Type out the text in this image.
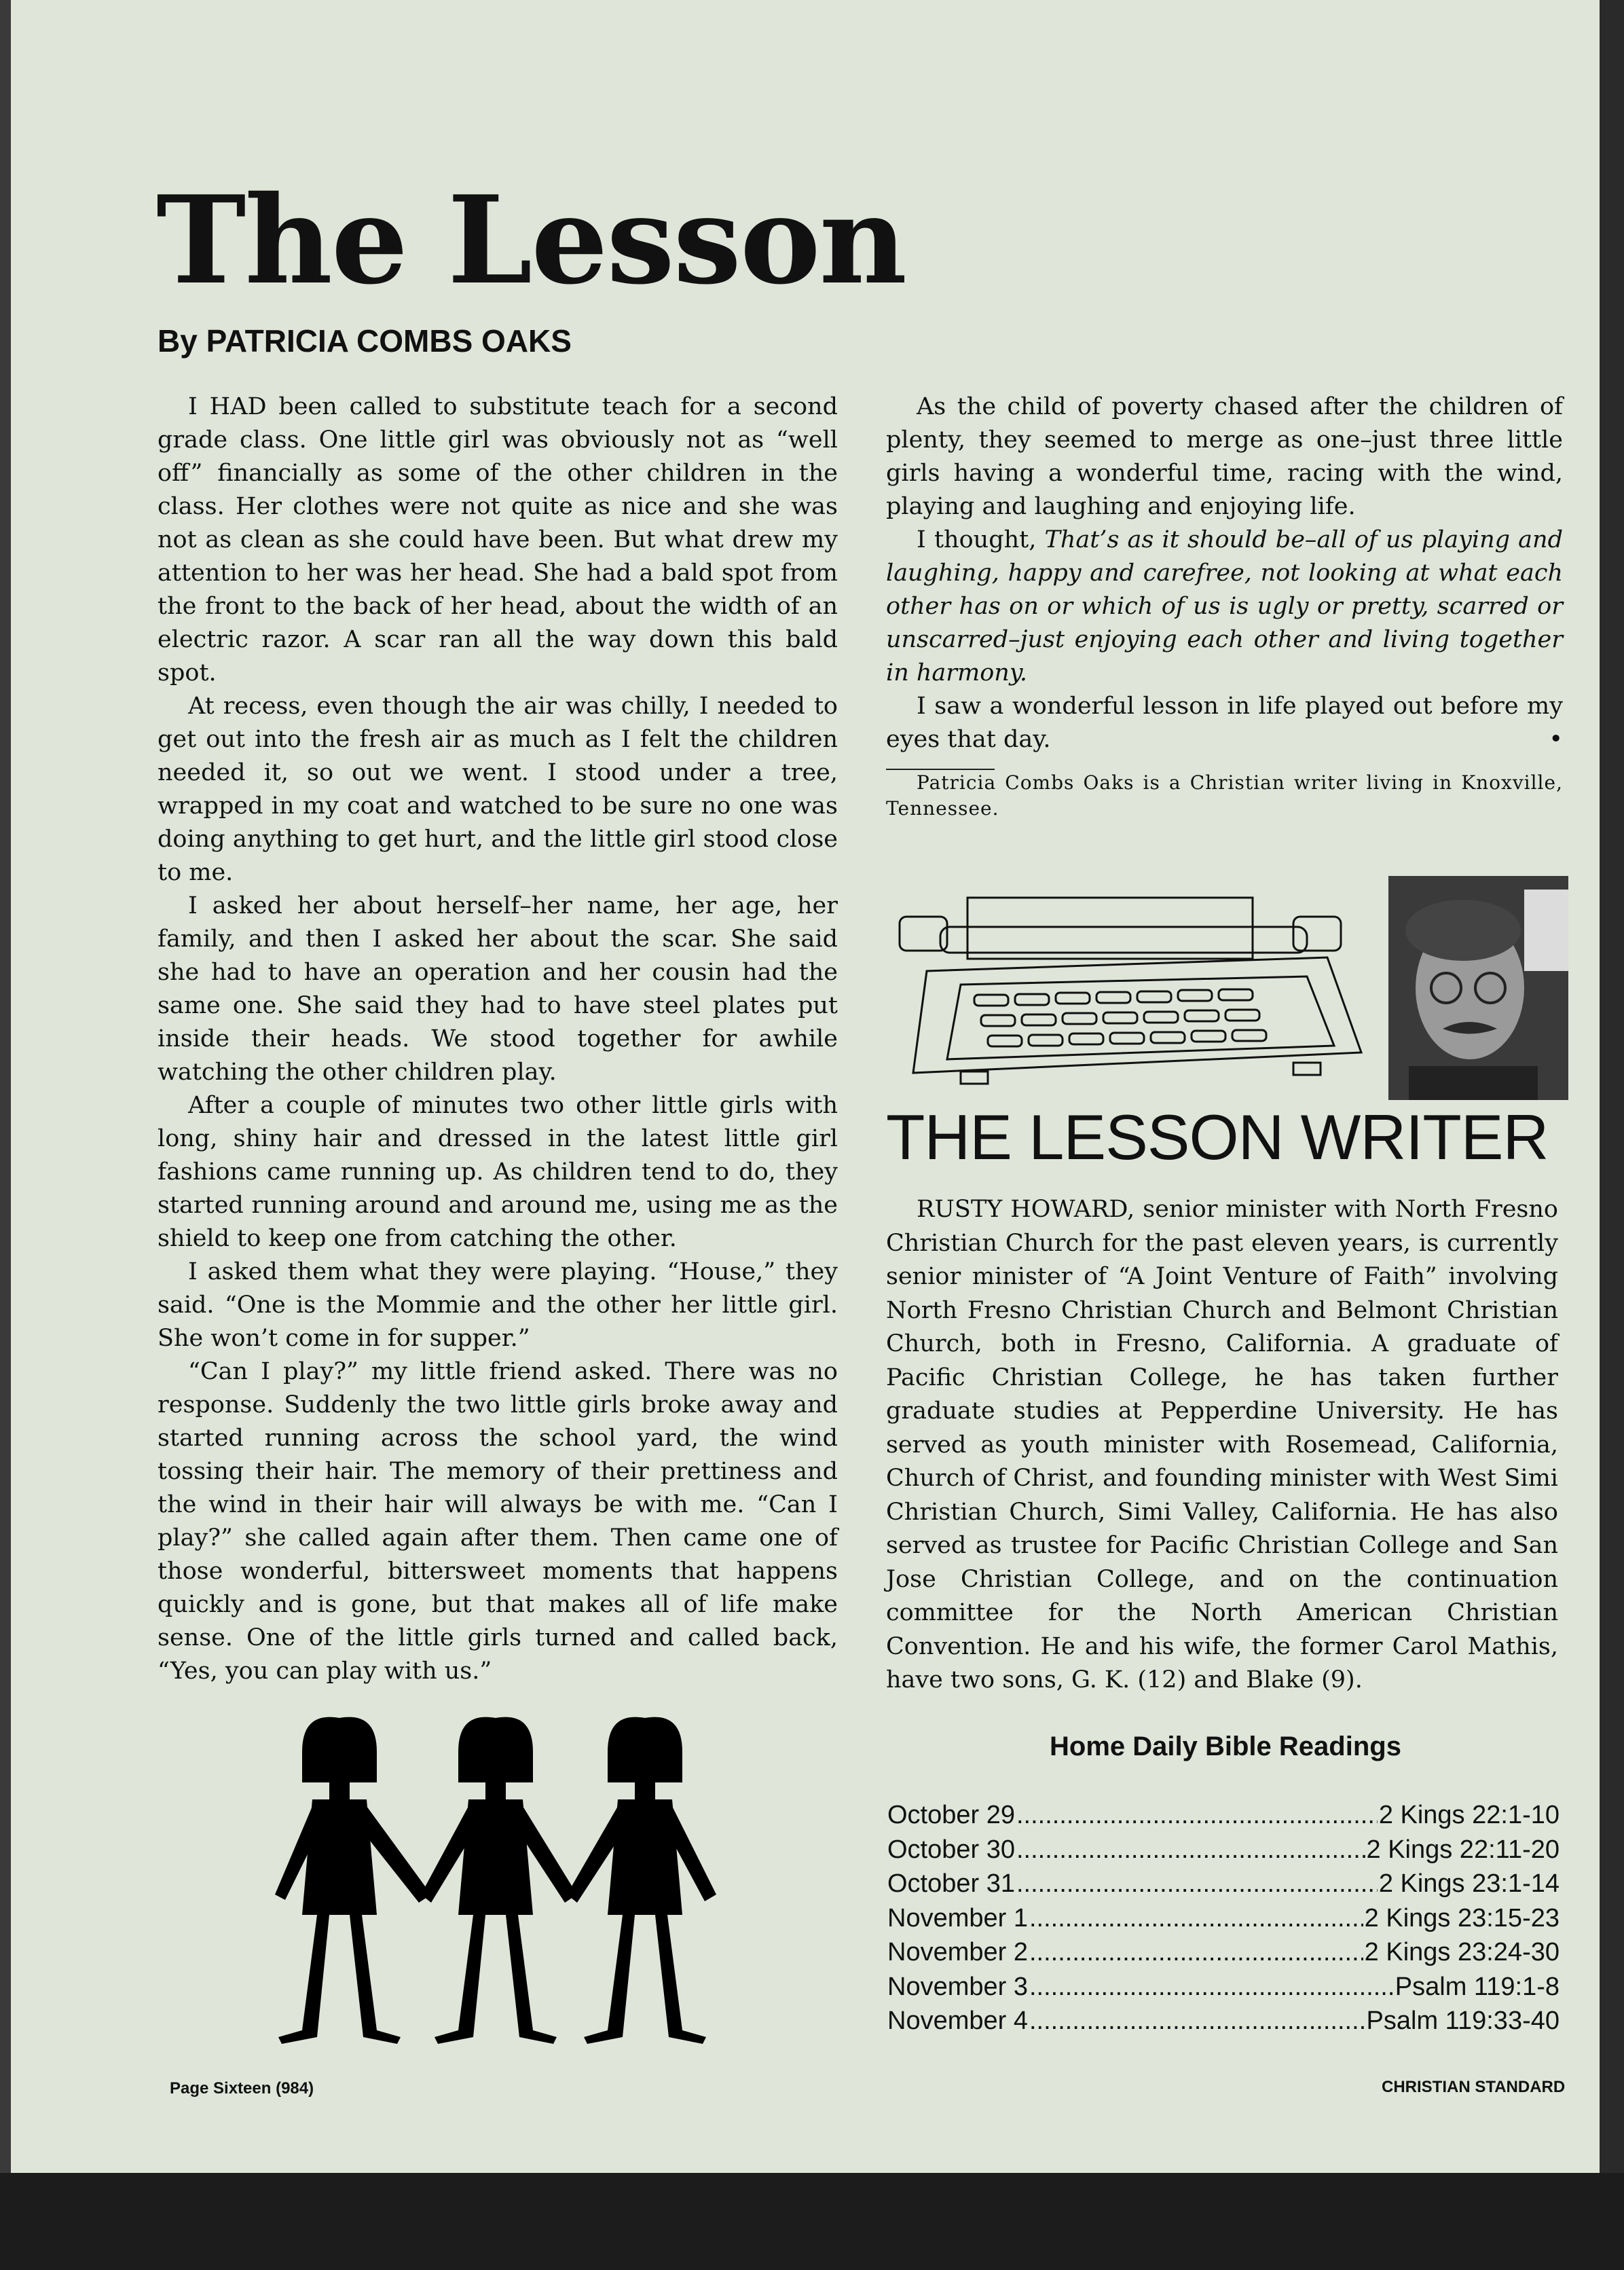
The Lesson
By PATRICIA COMBS OAKS

I HAD been called to substitute teach for a second grade class. One little girl was obviously not as “well off” financially as some of the other children in the class. Her clothes were not quite as nice and she was not as clean as she could have been. But what drew my attention to her was her head. She had a bald spot from the front to the back of her head, about the width of an electric razor. A scar ran all the way down this bald spot.

At recess, even though the air was chilly, I needed to get out into the fresh air as much as I felt the children needed it, so out we went. I stood under a tree, wrapped in my coat and watched to be sure no one was doing anything to get hurt, and the little girl stood close to me.

I asked her about herself–her name, her age, her family, and then I asked her about the scar. She said she had to have an operation and her cousin had the same one. She said they had to have steel plates put inside their heads. We stood together for awhile watching the other children play.

After a couple of minutes two other little girls with long, shiny hair and dressed in the latest little girl fashions came running up. As children tend to do, they started running around and around me, using me as the shield to keep one from catching the other.

I asked them what they were playing. “House,” they said. “One is the Mommie and the other her little girl. She won’t come in for supper.”

“Can I play?” my little friend asked. There was no response. Suddenly the two little girls broke away and started running across the school yard, the wind tossing their hair. The memory of their prettiness and the wind in their hair will always be with me. “Can I play?” she called again after them. Then came one of those wonderful, bittersweet moments that happens quickly and is gone, but that makes all of life make sense. One of the little girls turned and called back, “Yes, you can play with us.”

As the child of poverty chased after the children of plenty, they seemed to merge as one–just three little girls having a wonderful time, racing with the wind, playing and laughing and enjoying life.

I thought, That’s as it should be–all of us playing and laughing, happy and carefree, not looking at what each other has on or which of us is ugly or pretty, scarred or unscarred–just enjoying each other and living together in harmony.

I saw a wonderful lesson in life played out before my eyes that day.	•

Patricia Combs Oaks is a Christian writer living in Knoxville, Tennessee.

THE LESSON WRITER

RUSTY HOWARD, senior minister with North Fresno Christian Church for the past eleven years, is currently senior minister of “A Joint Venture of Faith” involving North Fresno Christian Church and Belmont Christian Church, both in Fresno, California. A graduate of Pacific Christian College, he has taken further graduate studies at Pepperdine University. He has served as youth minister with Rosemead, California, Church of Christ, and founding minister with West Simi Christian Church, Simi Valley, California. He has also served as trustee for Pacific Christian College and San Jose Christian College, and on the continuation committee for the North American Christian Convention. He and his wife, the former Carol Mathis, have two sons, G. K. (12) and Blake (9).

Home Daily Bible Readings
October 29 .....	2 Kings 22:1-10
October 30 .....	2 Kings 22:11-20
October 31 .....	2 Kings 23:1-14
November 1 .....	2 Kings 23:15-23
November 2 .....	2 Kings 23:24-30
November 3 .....	Psalm 119:1-8
November 4 .....	Psalm 119:33-40
Page Sixteen (984)	CHRISTIAN STANDARD
